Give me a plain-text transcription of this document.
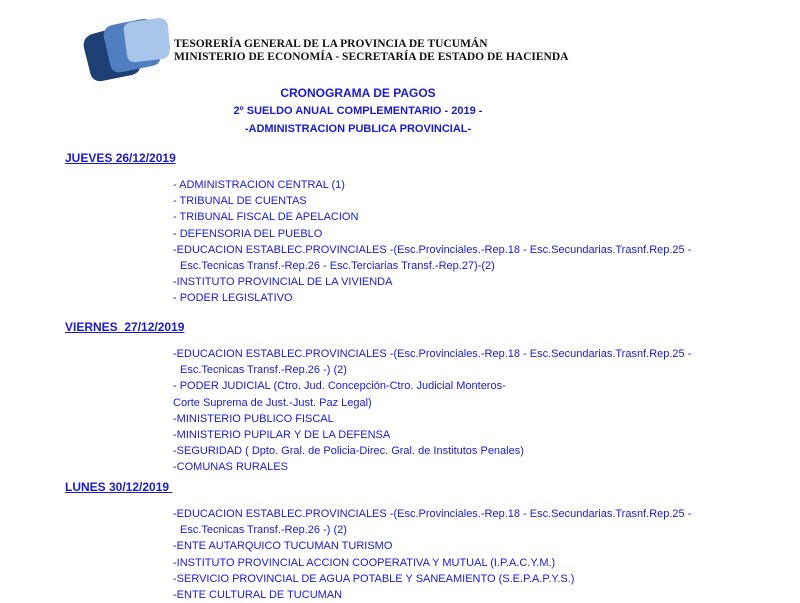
TESORERÍA GENERAL DE LA PROVINCIA DE TUCUMÁN
MINISTERIO DE ECONOMÍA - SECRETARÍA DE ESTADO DE HACIENDA
CRONOGRAMA DE PAGOS
2º SUELDO ANUAL COMPLEMENTARIO - 2019 -
-ADMINISTRACION PUBLICA PROVINCIAL-
JUEVES 26/12/2019
- ADMINISTRACION CENTRAL (1)
- TRIBUNAL DE CUENTAS
- TRIBUNAL FISCAL DE APELACION
- DEFENSORIA DEL PUEBLO
-EDUCACION ESTABLEC.PROVINCIALES -(Esc.Provinciales.-Rep.18 - Esc.Secundarias.Trasnf.Rep.25 -
Esc.Tecnicas Transf.-Rep.26 - Esc.Terciarias Transf.-Rep.27)-(2)
-INSTITUTO PROVINCIAL DE LA VIVIENDA
- PODER LEGISLATIVO
VIERNES  27/12/2019
-EDUCACION ESTABLEC.PROVINCIALES -(Esc.Provinciales.-Rep.18 - Esc.Secundarias.Trasnf.Rep.25 -
Esc.Tecnicas Transf.-Rep.26 -) (2)
- PODER JUDICIAL (Ctro. Jud. Concepción-Ctro. Judicial Monteros-
Corte Suprema de Just.-Just. Paz Legal)
-MINISTERIO PUBLICO FISCAL
-MINISTERIO PUPILAR Y DE LA DEFENSA
-SEGURIDAD ( Dpto. Gral. de Policia-Direc. Gral. de Institutos Penales)
-COMUNAS RURALES
LUNES 30/12/2019
-EDUCACION ESTABLEC.PROVINCIALES -(Esc.Provinciales.-Rep.18 - Esc.Secundarias.Trasnf.Rep.25 -
Esc.Tecnicas Transf.-Rep.26 -) (2)
-ENTE AUTARQUICO TUCUMAN TURISMO
-INSTITUTO PROVINCIAL ACCION COOPERATIVA Y MUTUAL (I.P.A.C.Y.M.)
-SERVICIO PROVINCIAL DE AGUA POTABLE Y SANEAMIENTO (S.E.P.A.P.Y.S.)
-ENTE CULTURAL DE TUCUMAN
